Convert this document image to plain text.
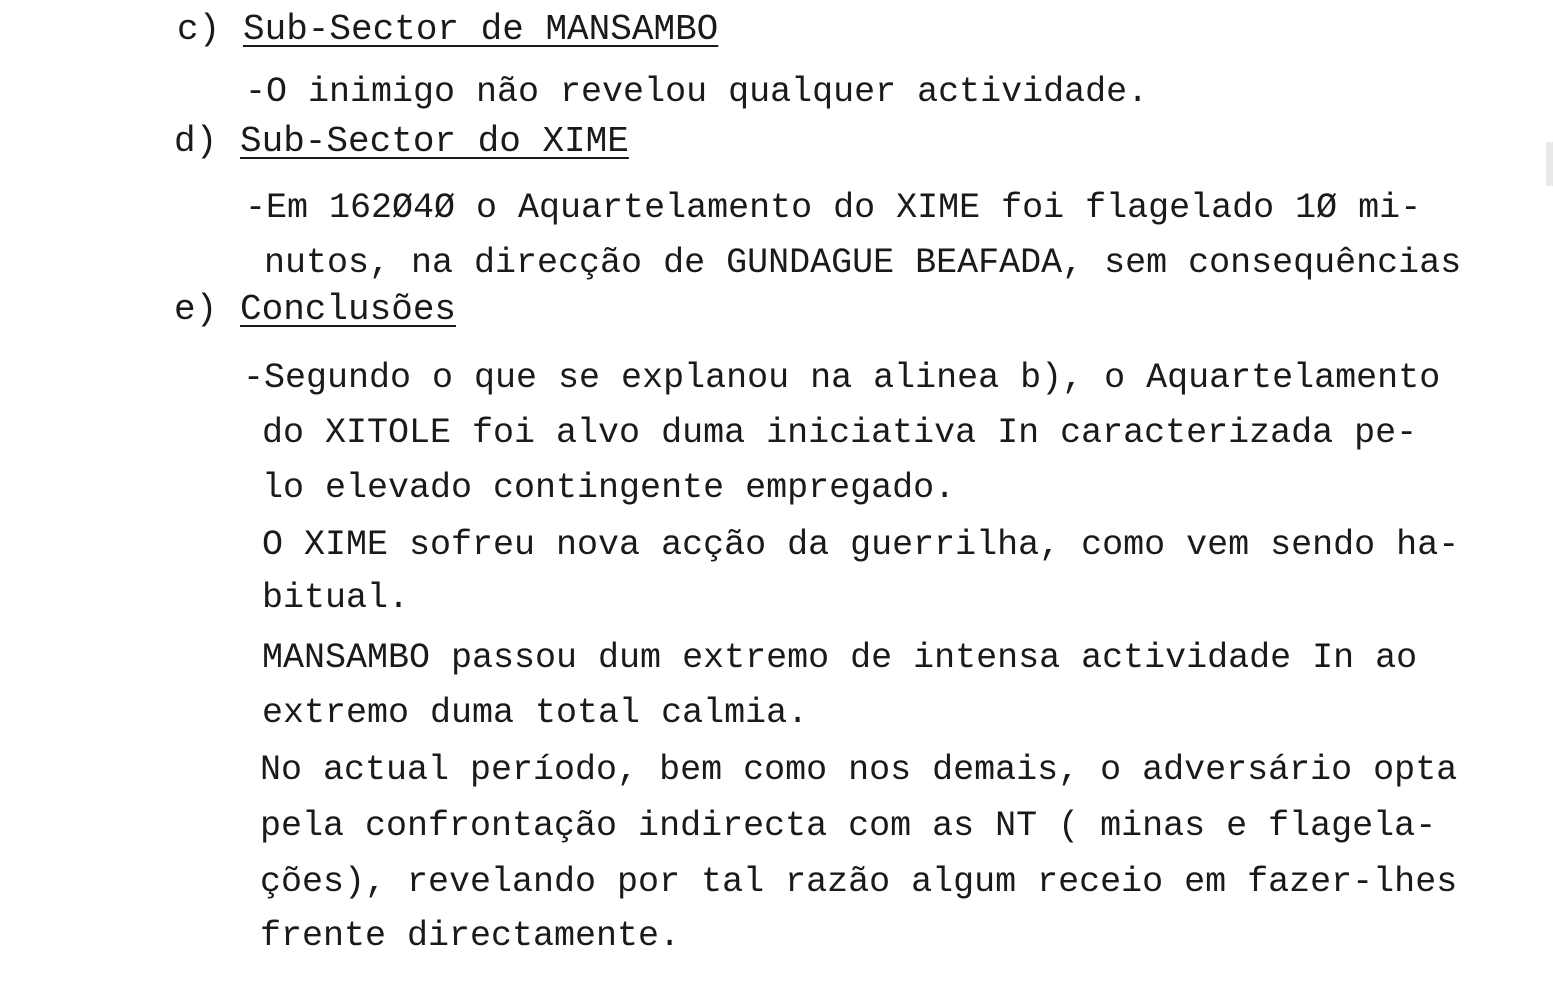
c) Sub-Sector de MANSAMBO
-O inimigo não revelou qualquer actividade.
d) Sub-Sector do XIME
-Em 162Ø4Ø o Aquartelamento do XIME foi flagelado 1Ø mi-
nutos, na direcção de GUNDAGUE BEAFADA, sem consequências
e) Conclusões
-Segundo o que se explanou na alinea b), o Aquartelamento
do XITOLE foi alvo duma iniciativa In caracterizada pe-
lo elevado contingente empregado.
O XIME sofreu nova acção da guerrilha, como vem sendo ha-
bitual.
MANSAMBO passou dum extremo de intensa actividade In ao
extremo duma total calmia.
No actual período, bem como nos demais, o adversário opta
pela confrontação indirecta com as NT ( minas e flagela-
ções), revelando por tal razão algum receio em fazer-lhes
frente directamente.
